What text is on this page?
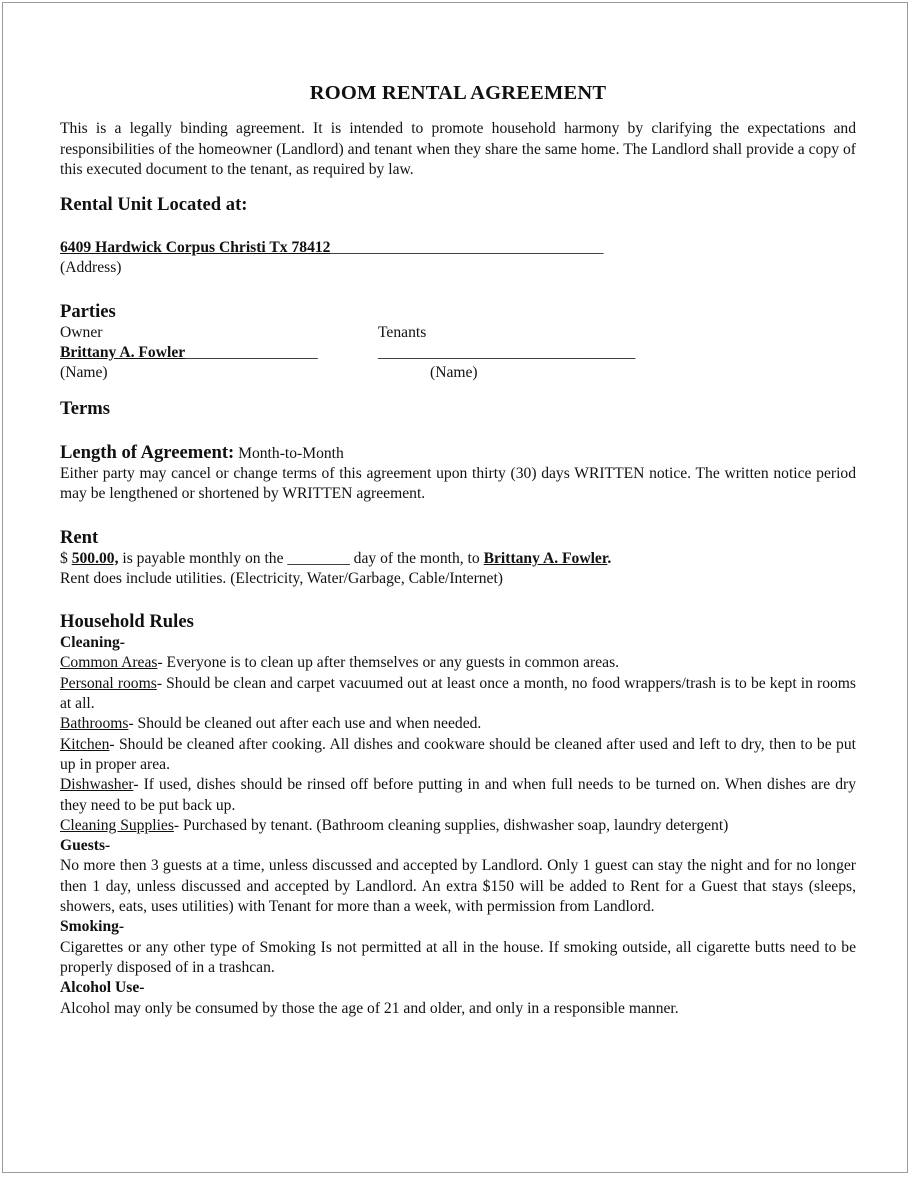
ROOM RENTAL AGREEMENT

This is a legally binding agreement. It is intended to promote household harmony by clarifying the expectations and responsibilities of the homeowner (Landlord) and tenant when they share the same home. The Landlord shall provide a copy of this executed document to the tenant, as required by law.

Rental Unit Located at:
6409 Hardwick Corpus Christi Tx 78412___________________________________
(Address)
Parties
Owner	Tenants
Brittany A. Fowler_________________	_________________________________
(Name)	(Name)
Terms
Length of Agreement: Month-to-Month

Either party may cancel or change terms of this agreement upon thirty (30) days WRITTEN notice. The written notice period may be lengthened or shortened by WRITTEN agreement.

Rent
$ 500.00, is payable monthly on the ________ day of the month, to Brittany A. Fowler.
Rent does include utilities. (Electricity, Water/Garbage, Cable/Internet)
Household Rules
Cleaning-

Common Areas- Everyone is to clean up after themselves or any guests in common areas.

Personal rooms- Should be clean and carpet vacuumed out at least once a month, no food wrappers/trash is to be kept in rooms at all.

Bathrooms- Should be cleaned out after each use and when needed.

Kitchen- Should be cleaned after cooking. All dishes and cookware should be cleaned after used and left to dry, then to be put up in proper area.

Dishwasher- If used, dishes should be rinsed off before putting in and when full needs to be turned on. When dishes are dry they need to be put back up.

Cleaning Supplies- Purchased by tenant. (Bathroom cleaning supplies, dishwasher soap, laundry detergent)

Guests-

No more then 3 guests at a time, unless discussed and accepted by Landlord. Only 1 guest can stay the night and for no longer then 1 day, unless discussed and accepted by Landlord. An extra $150 will be added to Rent for a Guest that stays (sleeps, showers, eats, uses utilities) with Tenant for more than a week, with permission from Landlord.

Smoking-

Cigarettes or any other type of Smoking Is not permitted at all in the house. If smoking outside, all cigarette butts need to be properly disposed of in a trashcan.

Alcohol Use-

Alcohol may only be consumed by those the age of 21 and older, and only in a responsible manner.
